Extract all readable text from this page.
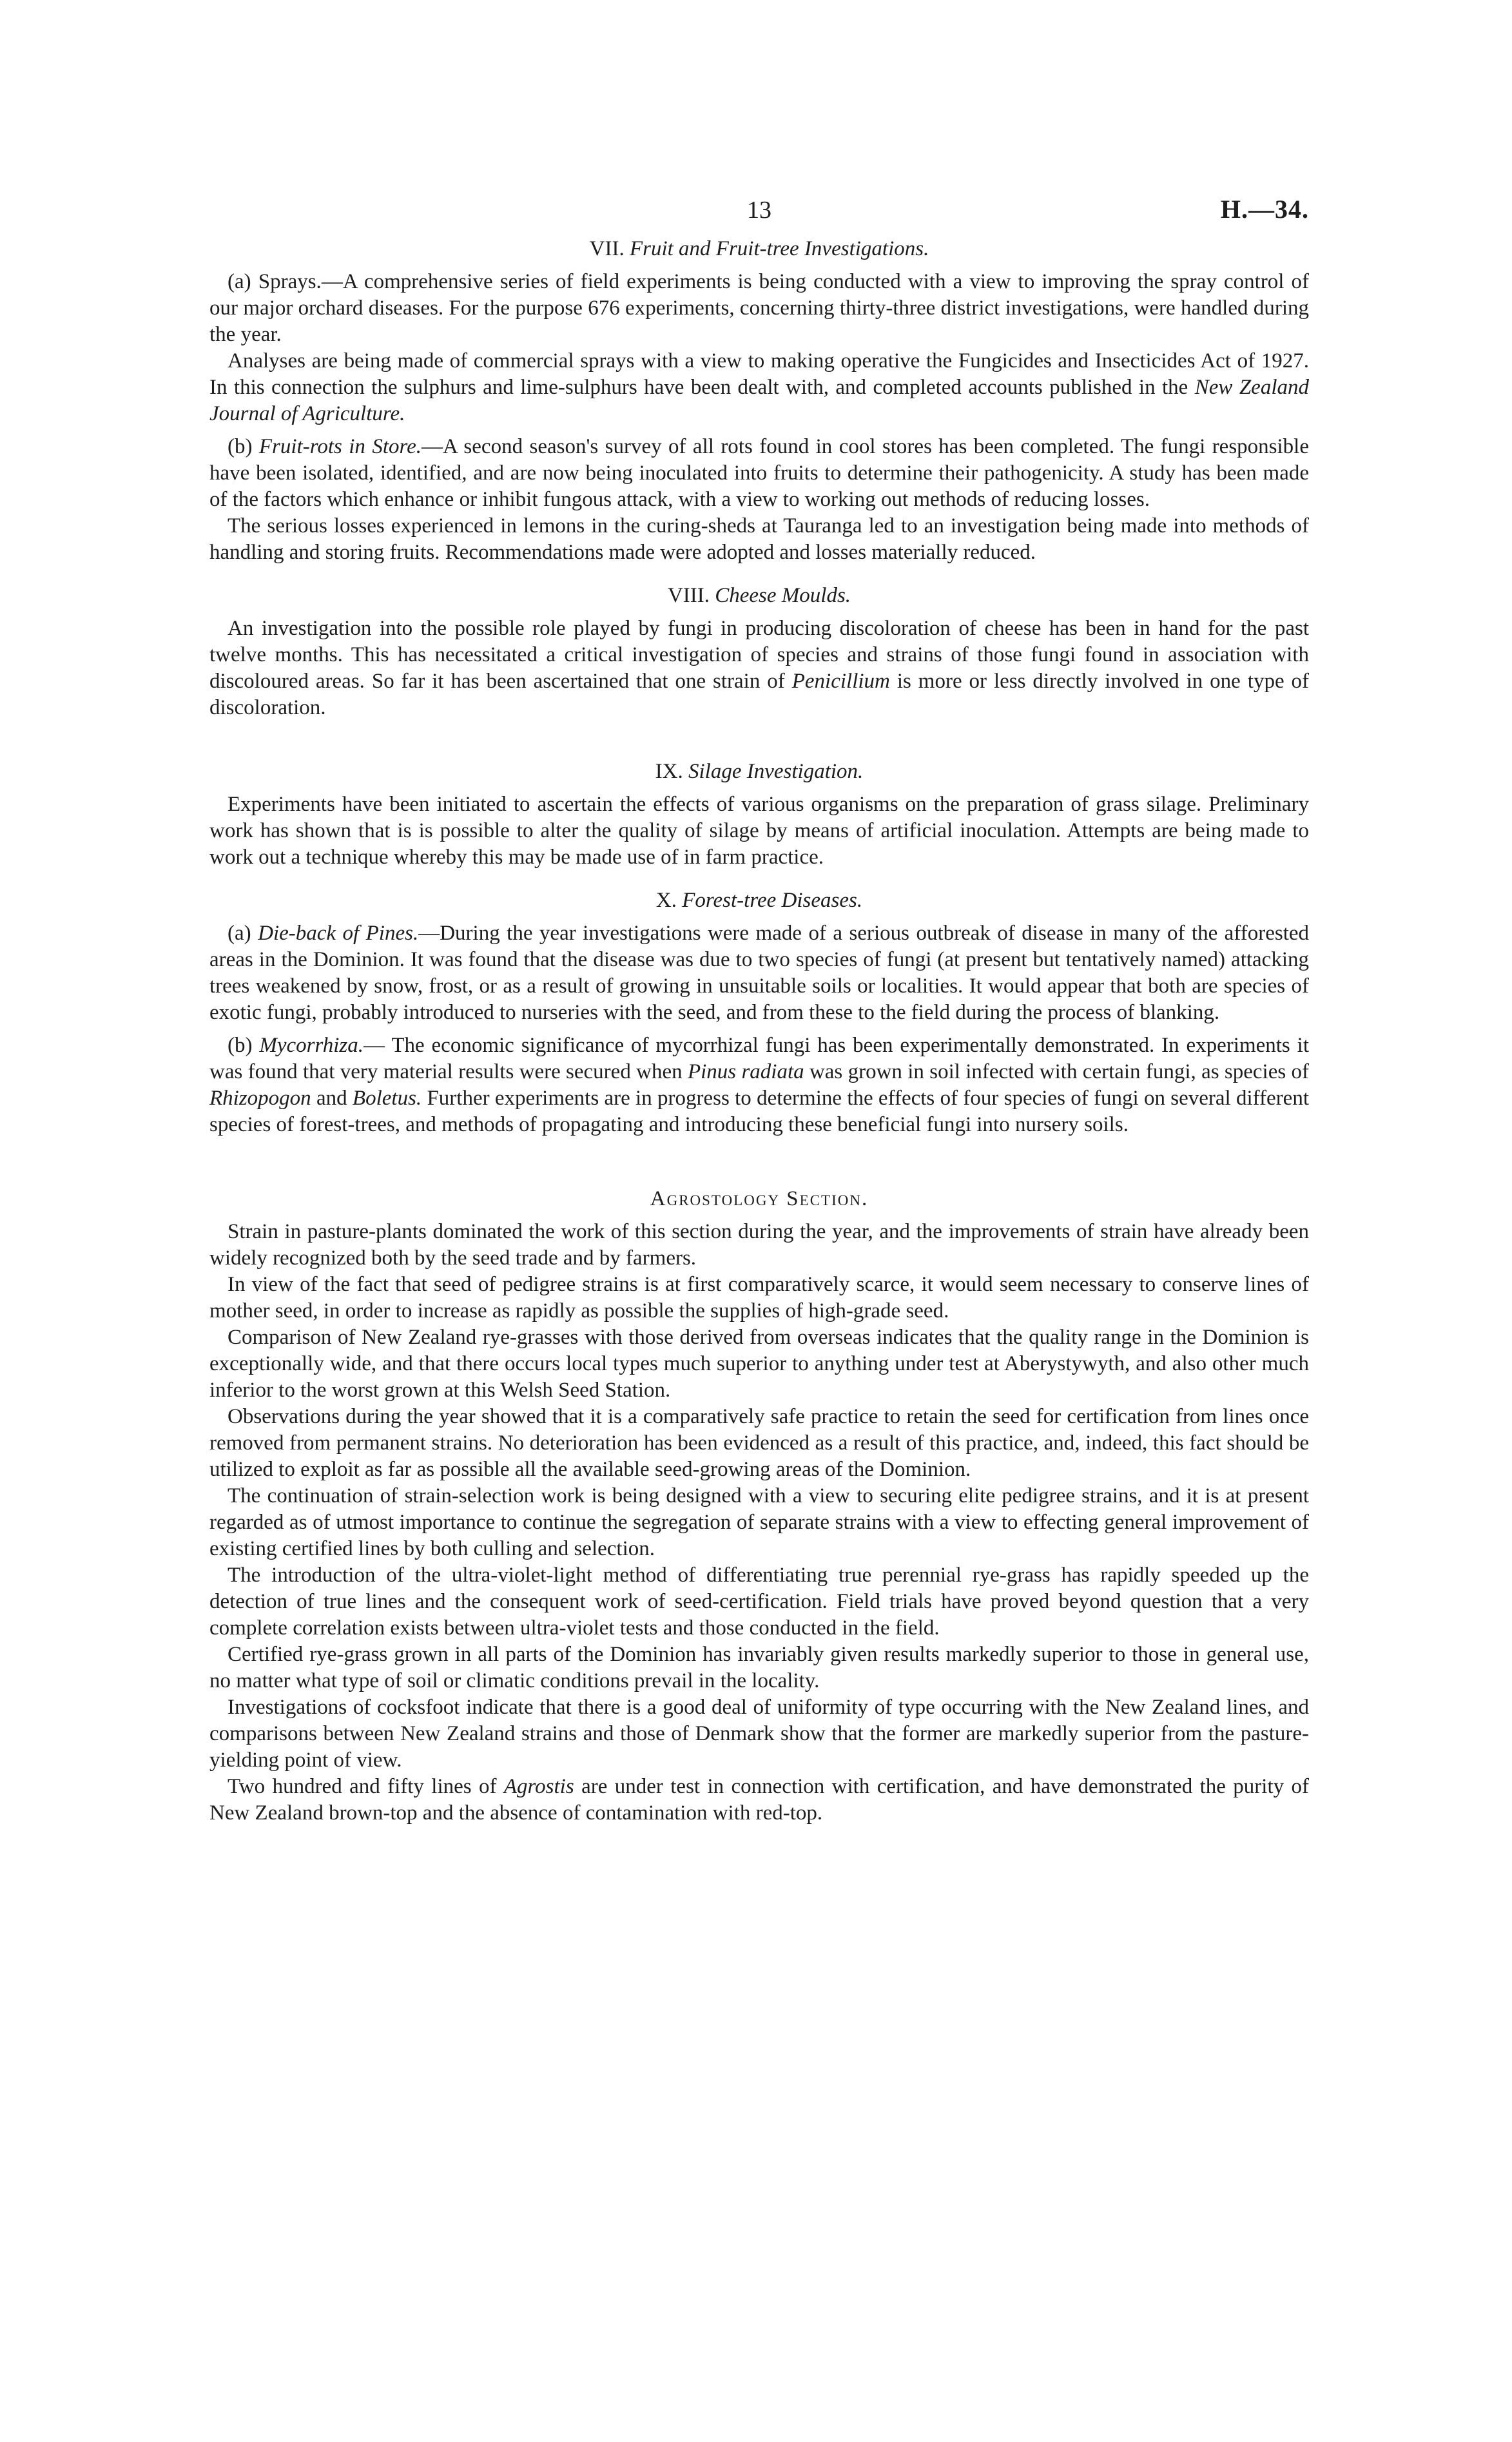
13	H.—34.
VII. Fruit and Fruit-tree Investigations.

(a) Sprays.—A comprehensive series of field experiments is being conducted with a view to improving the spray control of our major orchard diseases. For the purpose 676 experiments, concerning thirty-three district investigations, were handled during the year.

Analyses are being made of commercial sprays with a view to making operative the Fungicides and Insecticides Act of 1927. In this connection the sulphurs and lime-sulphurs have been dealt with, and completed accounts published in the New Zealand Journal of Agriculture.

(b) Fruit-rots in Store.—A second season's survey of all rots found in cool stores has been completed. The fungi responsible have been isolated, identified, and are now being inoculated into fruits to determine their pathogenicity. A study has been made of the factors which enhance or inhibit fungous attack, with a view to working out methods of reducing losses.

The serious losses experienced in lemons in the curing-sheds at Tauranga led to an investigation being made into methods of handling and storing fruits. Recommendations made were adopted and losses materially reduced.

VIII. Cheese Moulds.

An investigation into the possible role played by fungi in producing discoloration of cheese has been in hand for the past twelve months. This has necessitated a critical investigation of species and strains of those fungi found in association with discoloured areas. So far it has been ascertained that one strain of Penicillium is more or less directly involved in one type of discoloration.

IX. Silage Investigation.

Experiments have been initiated to ascertain the effects of various organisms on the preparation of grass silage. Preliminary work has shown that is is possible to alter the quality of silage by means of artificial inoculation. Attempts are being made to work out a technique whereby this may be made use of in farm practice.

X. Forest-tree Diseases.

(a) Die-back of Pines.—During the year investigations were made of a serious outbreak of disease in many of the afforested areas in the Dominion. It was found that the disease was due to two species of fungi (at present but tentatively named) attacking trees weakened by snow, frost, or as a result of growing in unsuitable soils or localities. It would appear that both are species of exotic fungi, probably introduced to nurseries with the seed, and from these to the field during the process of blanking.

(b) Mycorrhiza.— The economic significance of mycorrhizal fungi has been experimentally demonstrated. In experiments it was found that very material results were secured when Pinus radiata was grown in soil infected with certain fungi, as species of Rhizopogon and Boletus. Further experiments are in progress to determine the effects of four species of fungi on several different species of forest-trees, and methods of propagating and introducing these beneficial fungi into nursery soils.

Agrostology Section.

Strain in pasture-plants dominated the work of this section during the year, and the improvements of strain have already been widely recognized both by the seed trade and by farmers.

In view of the fact that seed of pedigree strains is at first comparatively scarce, it would seem necessary to conserve lines of mother seed, in order to increase as rapidly as possible the supplies of high-grade seed.

Comparison of New Zealand rye-grasses with those derived from overseas indicates that the quality range in the Dominion is exceptionally wide, and that there occurs local types much superior to anything under test at Aberystywyth, and also other much inferior to the worst grown at this Welsh Seed Station.

Observations during the year showed that it is a comparatively safe practice to retain the seed for certification from lines once removed from permanent strains. No deterioration has been evidenced as a result of this practice, and, indeed, this fact should be utilized to exploit as far as possible all the available seed-growing areas of the Dominion.

The continuation of strain-selection work is being designed with a view to securing elite pedigree strains, and it is at present regarded as of utmost importance to continue the segregation of separate strains with a view to effecting general improvement of existing certified lines by both culling and selection.

The introduction of the ultra-violet-light method of differentiating true perennial rye-grass has rapidly speeded up the detection of true lines and the consequent work of seed-certification. Field trials have proved beyond question that a very complete correlation exists between ultra-violet tests and those conducted in the field.

Certified rye-grass grown in all parts of the Dominion has invariably given results markedly superior to those in general use, no matter what type of soil or climatic conditions prevail in the locality.

Investigations of cocksfoot indicate that there is a good deal of uniformity of type occurring with the New Zealand lines, and comparisons between New Zealand strains and those of Denmark show that the former are markedly superior from the pasture-yielding point of view.

Two hundred and fifty lines of Agrostis are under test in connection with certification, and have demonstrated the purity of New Zealand brown-top and the absence of contamination with red-top.
